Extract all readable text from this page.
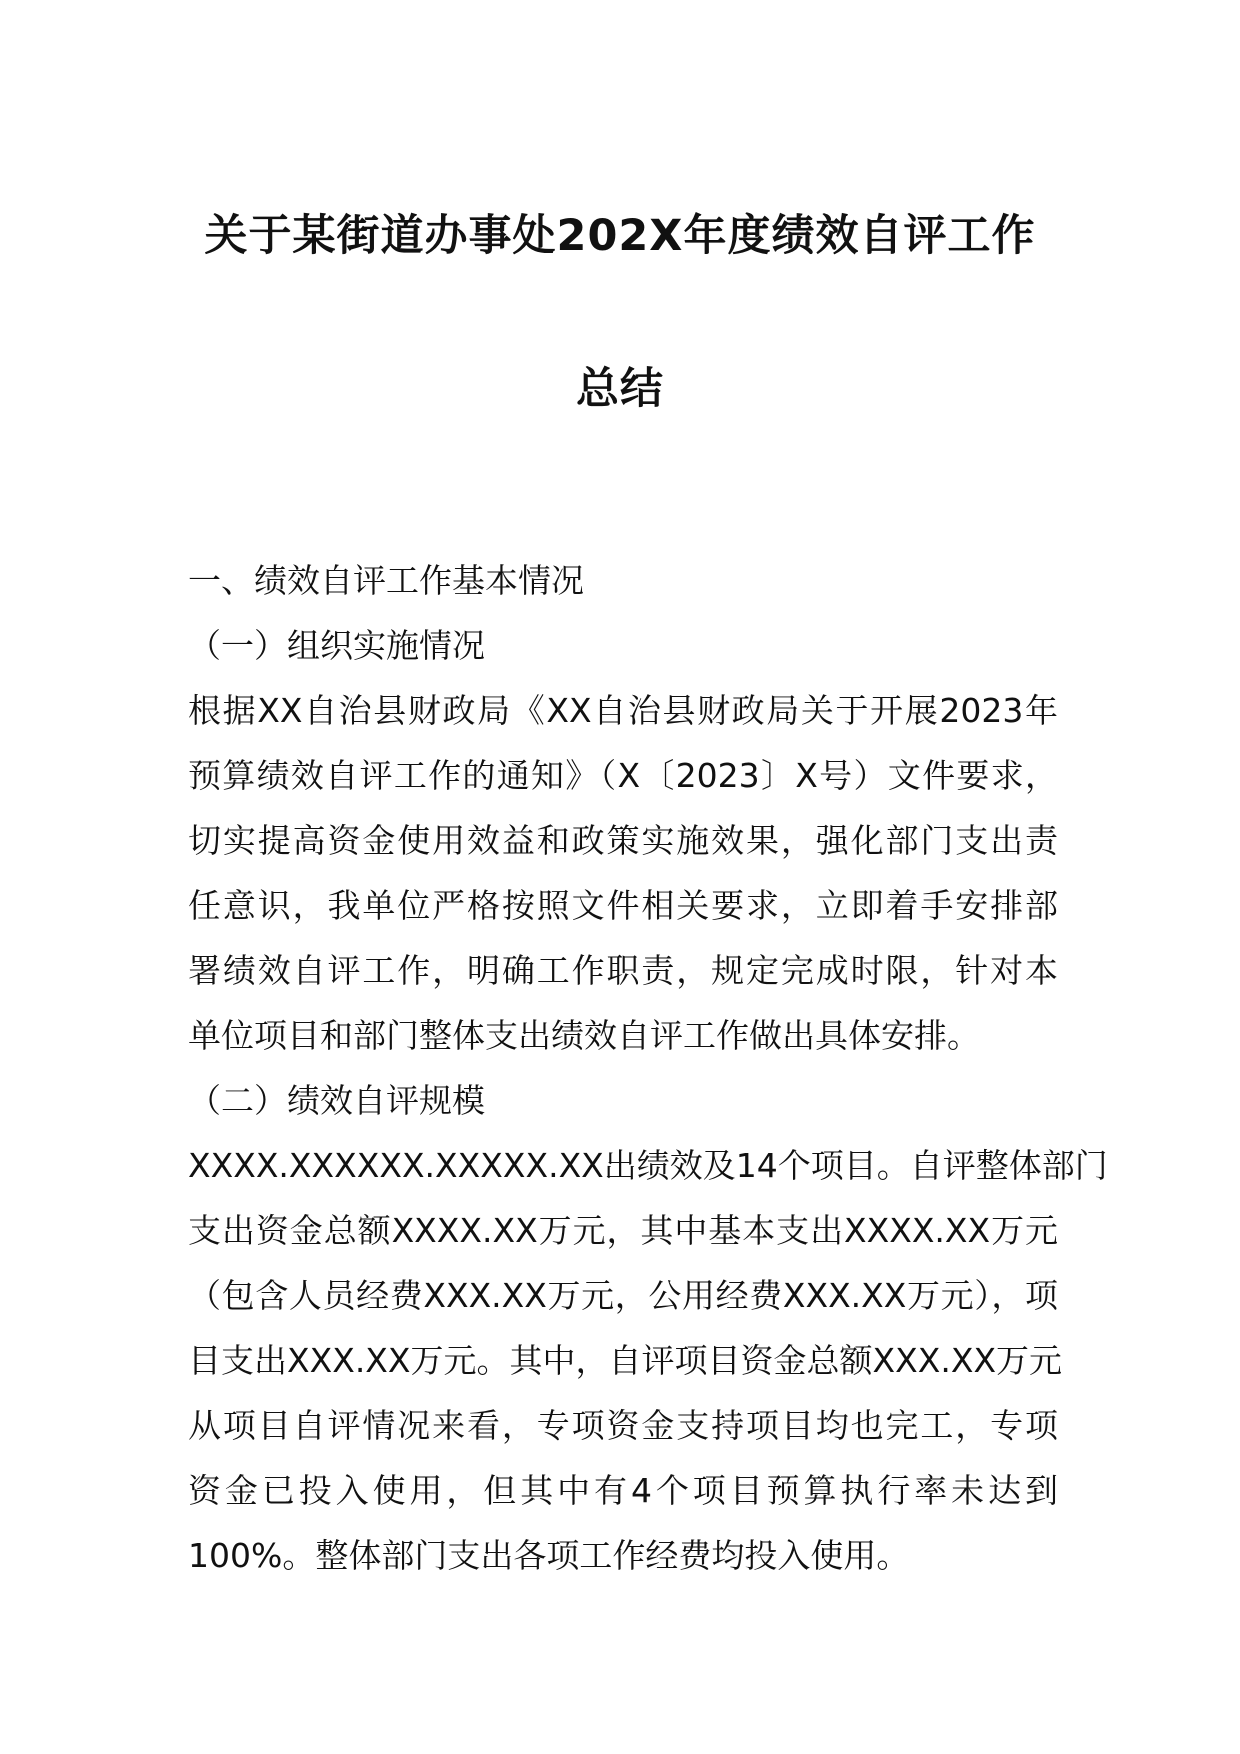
关于某街道办事处202X年度绩效自评工作
总结
一、绩效自评工作基本情况
（一）组织实施情况
根据XX自治县财政局《XX自治县财政局关于开展2023年
预算绩效自评工作的通知》（X〔2023〕X号）文件要求，
切实提高资金使用效益和政策实施效果，强化部门支出责
任意识，我单位严格按照文件相关要求，立即着手安排部
署绩效自评工作，明确工作职责，规定完成时限，针对本
单位项目和部门整体支出绩效自评工作做出具体安排。
（二）绩效自评规模
XXXX.XXXXXX.XXXXX.XX出绩效及14个项目。自评整体部门
支出资金总额XXXX.XX万元，其中基本支出XXXX.XX万元
（包含人员经费XXX.XX万元，公用经费XXX.XX万元），项
目支出XXX.XX万元。其中，自评项目资金总额XXX.XX万元
从项目自评情况来看，专项资金支持项目均也完工，专项
资金已投入使用，但其中有4个项目预算执行率未达到
100%。整体部门支出各项工作经费均投入使用。
